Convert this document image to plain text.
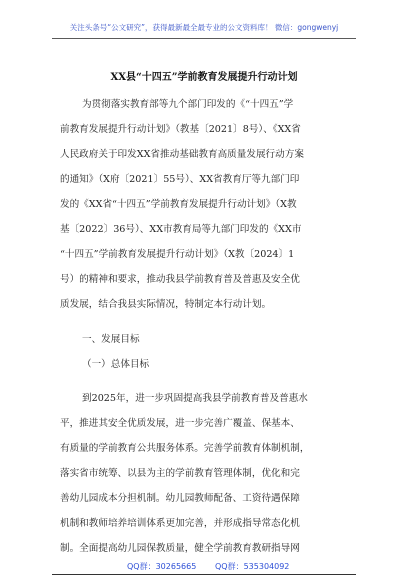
关注头条号“公文研究”，获得最新最全最专业的公文资料库！ 微信：gongwenyj
XX县“十四五”学前教育发展提升行动计划
为贯彻落实教育部等九个部门印发的《“十四五”学
前教育发展提升行动计划》（教基〔2021〕8号）、《XX省
人民政府关于印发XX省推动基础教育高质量发展行动方案
的通知》（X府〔2021〕55号）、XX省教育厅等九部门印
发的《XX省“十四五”学前教育发展提升行动计划》（X教
基〔2022〕36号）、XX市教育局等九部门印发的《XX市
“十四五”学前教育发展提升行动计划》（X教〔2024〕1
号）的精神和要求，推动我县学前教育普及普惠及安全优
质发展，结合我县实际情况，特制定本行动计划。
一、发展目标
（一）总体目标
到2025年，进一步巩固提高我县学前教育普及普惠水
平，推进其安全优质发展，进一步完善广覆盖、保基本、
有质量的学前教育公共服务体系。完善学前教育体制机制，
落实省市统筹、以县为主的学前教育管理体制，优化和完
善幼儿园成本分担机制。幼儿园教师配备、工资待遇保障
机制和教师培养培训体系更加完善，并形成指导常态化机
制。全面提高幼儿园保教质量，健全学前教育教研指导网
QQ群：30265665 QQ群：535304092
